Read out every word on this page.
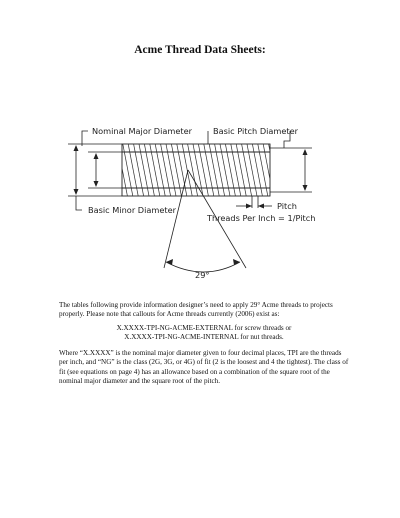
Acme Thread Data Sheets:
Nominal Major Diameter	Basic Pitch Diameter
Basic Minor Diameter	Pitch
Threads Per Inch = 1/Pitch
29°
The tables following provide information designer’s need to apply 29° Acme threads to projects properly. Please note that callouts for Acme threads currently (2006) exist as:
X.XXXX-TPI-NG-ACME-EXTERNAL for screw threads or
X.XXXX-TPI-NG-ACME-INTERNAL for nut threads.
Where “X.XXXX” is the nominal major diameter given to four decimal places, TPI are the threads per inch, and “NG” is the class (2G, 3G, or 4G) of fit (2 is the loosest and 4 the tightest). The class of fit (see equations on page 4) has an allowance based on a combination of the square root of the nominal major diameter and the square root of the pitch.
